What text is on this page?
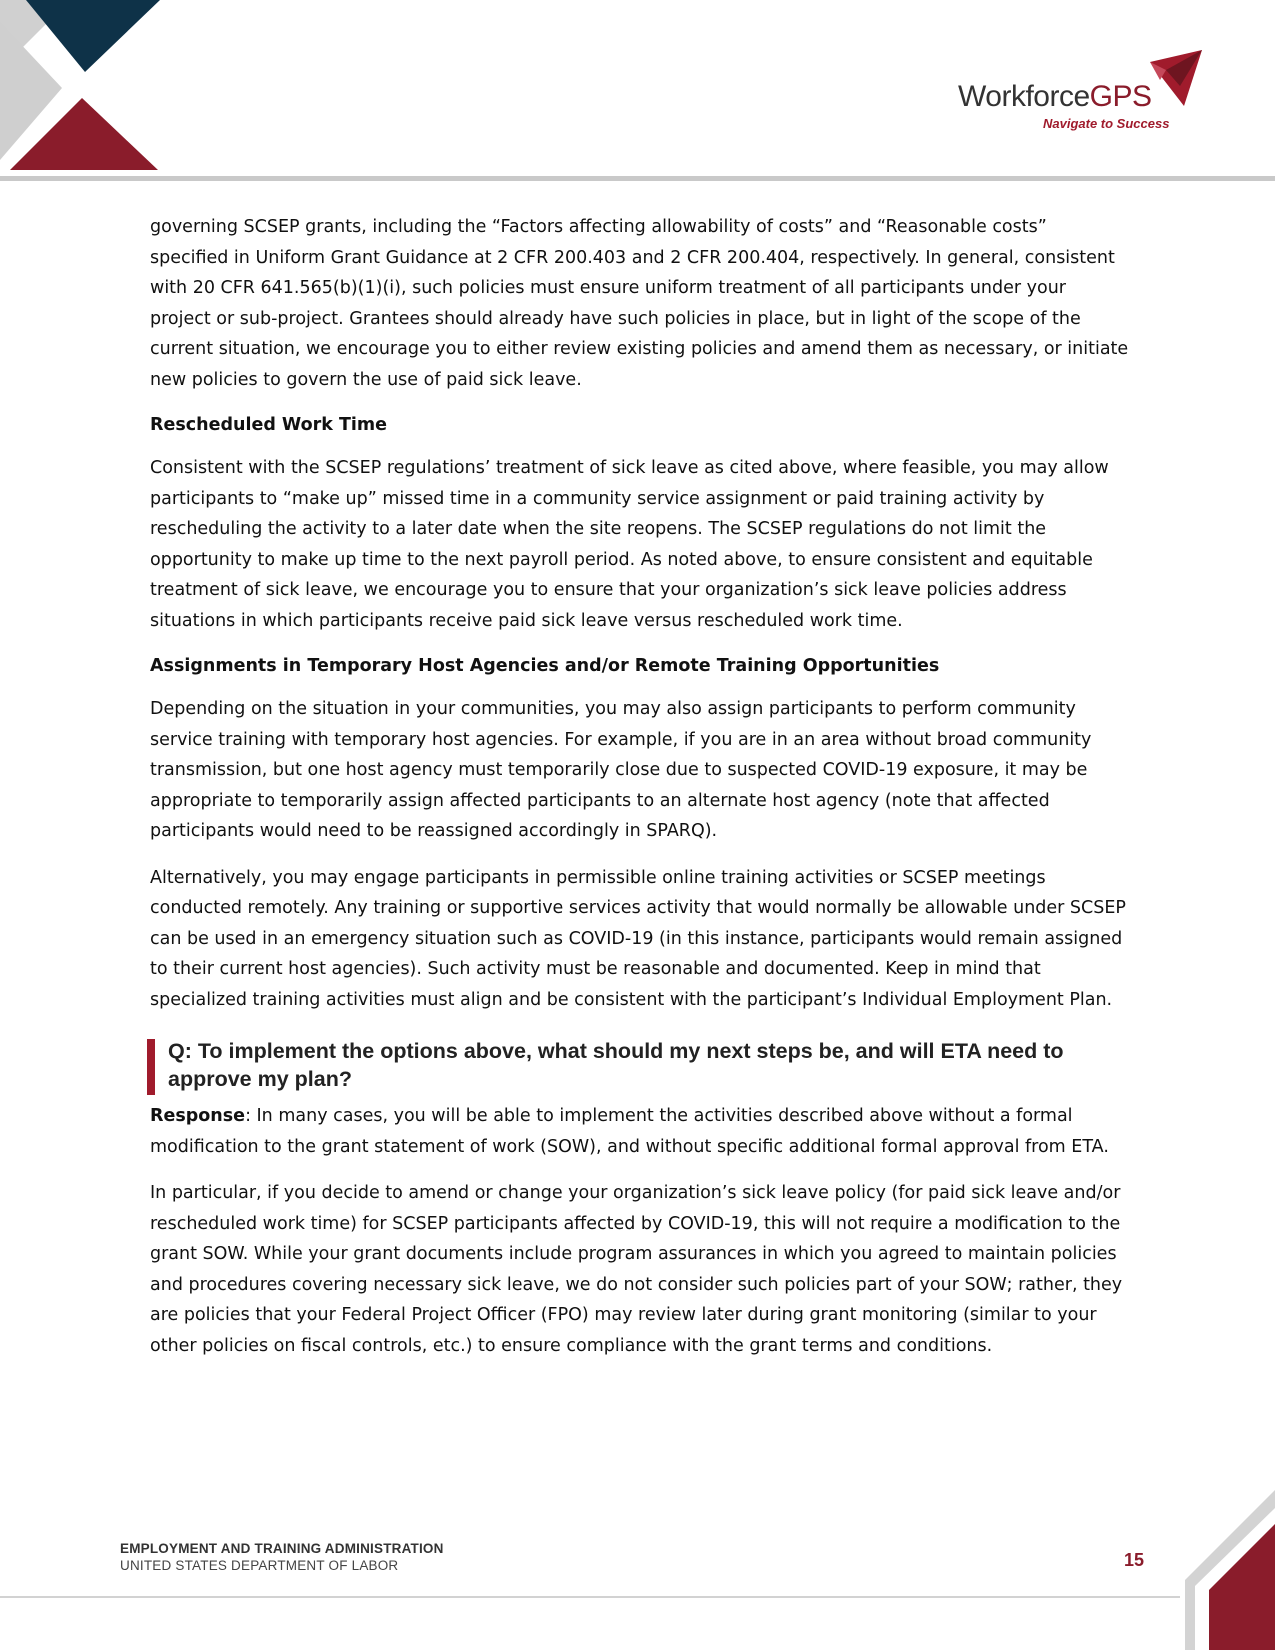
WorkforceGPS
Navigate to Success

governing SCSEP grants, including the “Factors affecting allowability of costs” and “Reasonable costs” specified in Uniform Grant Guidance at 2 CFR 200.403 and 2 CFR 200.404, respectively. In general, consistent with 20 CFR 641.565(b)(1)(i), such policies must ensure uniform treatment of all participants under your project or sub-project. Grantees should already have such policies in place, but in light of the scope of the current situation, we encourage you to either review existing policies and amend them as necessary, or initiate new policies to govern the use of paid sick leave.

Rescheduled Work Time

Consistent with the SCSEP regulations’ treatment of sick leave as cited above, where feasible, you may allow participants to “make up” missed time in a community service assignment or paid training activity by rescheduling the activity to a later date when the site reopens. The SCSEP regulations do not limit the opportunity to make up time to the next payroll period. As noted above, to ensure consistent and equitable treatment of sick leave, we encourage you to ensure that your organization’s sick leave policies address situations in which participants receive paid sick leave versus rescheduled work time.

Assignments in Temporary Host Agencies and/or Remote Training Opportunities

Depending on the situation in your communities, you may also assign participants to perform community service training with temporary host agencies. For example, if you are in an area without broad community transmission, but one host agency must temporarily close due to suspected COVID-19 exposure, it may be appropriate to temporarily assign affected participants to an alternate host agency (note that affected participants would need to be reassigned accordingly in SPARQ).

Alternatively, you may engage participants in permissible online training activities or SCSEP meetings conducted remotely. Any training or supportive services activity that would normally be allowable under SCSEP can be used in an emergency situation such as COVID-19 (in this instance, participants would remain assigned to their current host agencies). Such activity must be reasonable and documented. Keep in mind that specialized training activities must align and be consistent with the participant’s Individual Employment Plan.

Q: To implement the options above, what should my next steps be, and will ETA need to approve my plan?

Response: In many cases, you will be able to implement the activities described above without a formal modification to the grant statement of work (SOW), and without specific additional formal approval from ETA.

In particular, if you decide to amend or change your organization’s sick leave policy (for paid sick leave and/or rescheduled work time) for SCSEP participants affected by COVID-19, this will not require a modification to the grant SOW. While your grant documents include program assurances in which you agreed to maintain policies and procedures covering necessary sick leave, we do not consider such policies part of your SOW; rather, they are policies that your Federal Project Officer (FPO) may review later during grant monitoring (similar to your other policies on fiscal controls, etc.) to ensure compliance with the grant terms and conditions.

EMPLOYMENT AND TRAINING ADMINISTRATION
UNITED STATES DEPARTMENT OF LABOR	15
